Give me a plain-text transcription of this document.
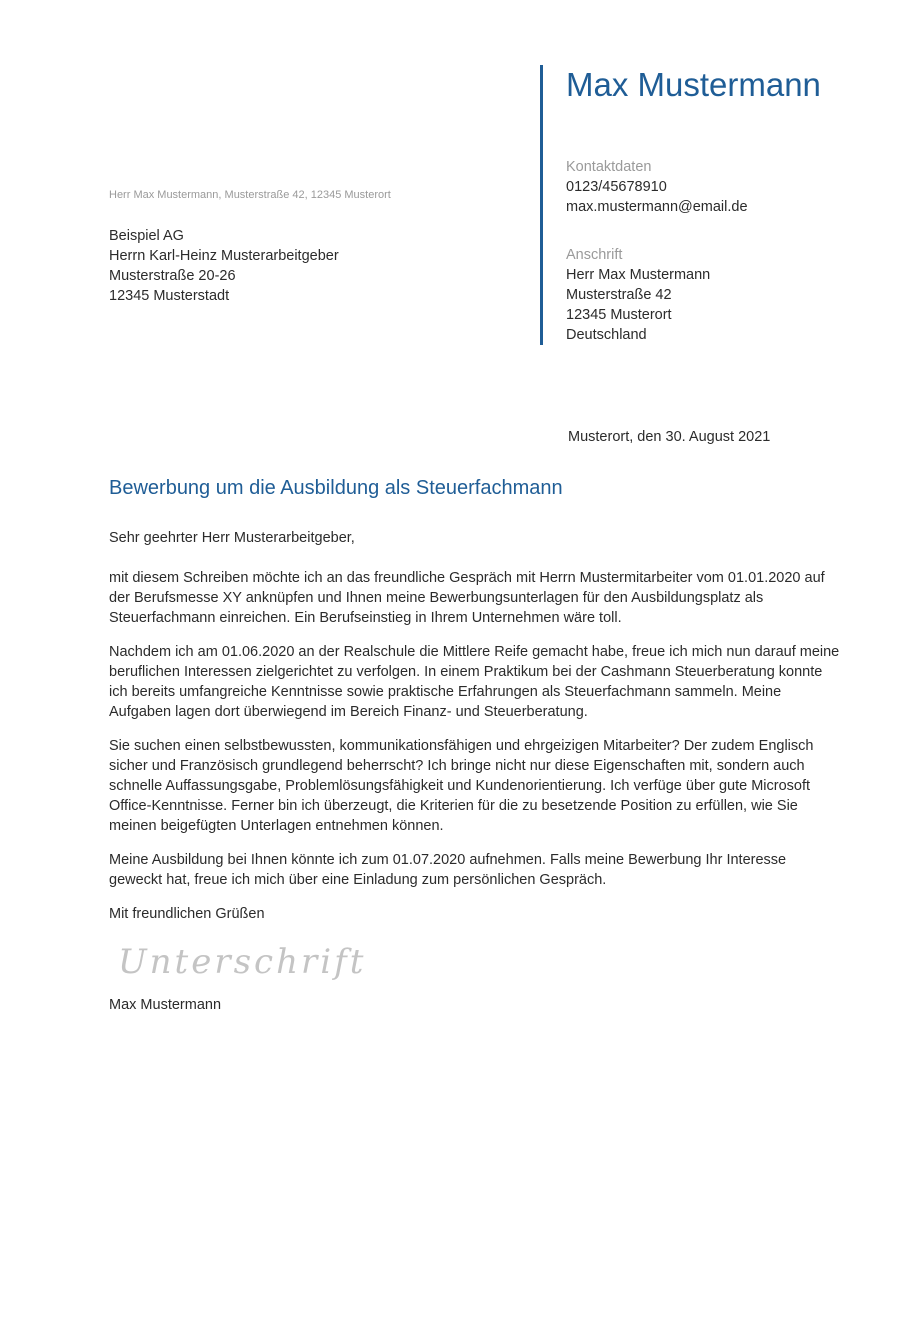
Max Mustermann
Kontaktdaten
0123/45678910
max.mustermann@email.de
Anschrift
Herr Max Mustermann
Musterstraße 42
12345 Musterort
Deutschland
Herr Max Mustermann, Musterstraße 42, 12345 Musterort
Beispiel AG
Herrn Karl-Heinz Musterarbeitgeber
Musterstraße 20-26
12345 Musterstadt
Musterort, den 30. August 2021
Bewerbung um die Ausbildung als Steuerfachmann
Sehr geehrter Herr Musterarbeitgeber,
mit diesem Schreiben möchte ich an das freundliche Gespräch mit Herrn Mustermitarbeiter vom 01.01.2020 auf
der Berufsmesse XY anknüpfen und Ihnen meine Bewerbungsunterlagen für den Ausbildungsplatz als
Steuerfachmann einreichen. Ein Berufseinstieg in Ihrem Unternehmen wäre toll.
Nachdem ich am 01.06.2020 an der Realschule die Mittlere Reife gemacht habe, freue ich mich nun darauf meine
beruflichen Interessen zielgerichtet zu verfolgen. In einem Praktikum bei der Cashmann Steuerberatung konnte
ich bereits umfangreiche Kenntnisse sowie praktische Erfahrungen als Steuerfachmann sammeln. Meine
Aufgaben lagen dort überwiegend im Bereich Finanz- und Steuerberatung.
Sie suchen einen selbstbewussten, kommunikationsfähigen und ehrgeizigen Mitarbeiter? Der zudem Englisch
sicher und Französisch grundlegend beherrscht? Ich bringe nicht nur diese Eigenschaften mit, sondern auch
schnelle Auffassungsgabe, Problemlösungsfähigkeit und Kundenorientierung. Ich verfüge über gute Microsoft
Office-Kenntnisse. Ferner bin ich überzeugt, die Kriterien für die zu besetzende Position zu erfüllen, wie Sie
meinen beigefügten Unterlagen entnehmen können.
Meine Ausbildung bei Ihnen könnte ich zum 01.07.2020 aufnehmen. Falls meine Bewerbung Ihr Interesse
geweckt hat, freue ich mich über eine Einladung zum persönlichen Gespräch.
Mit freundlichen Grüßen
Unterschrift
Max Mustermann
